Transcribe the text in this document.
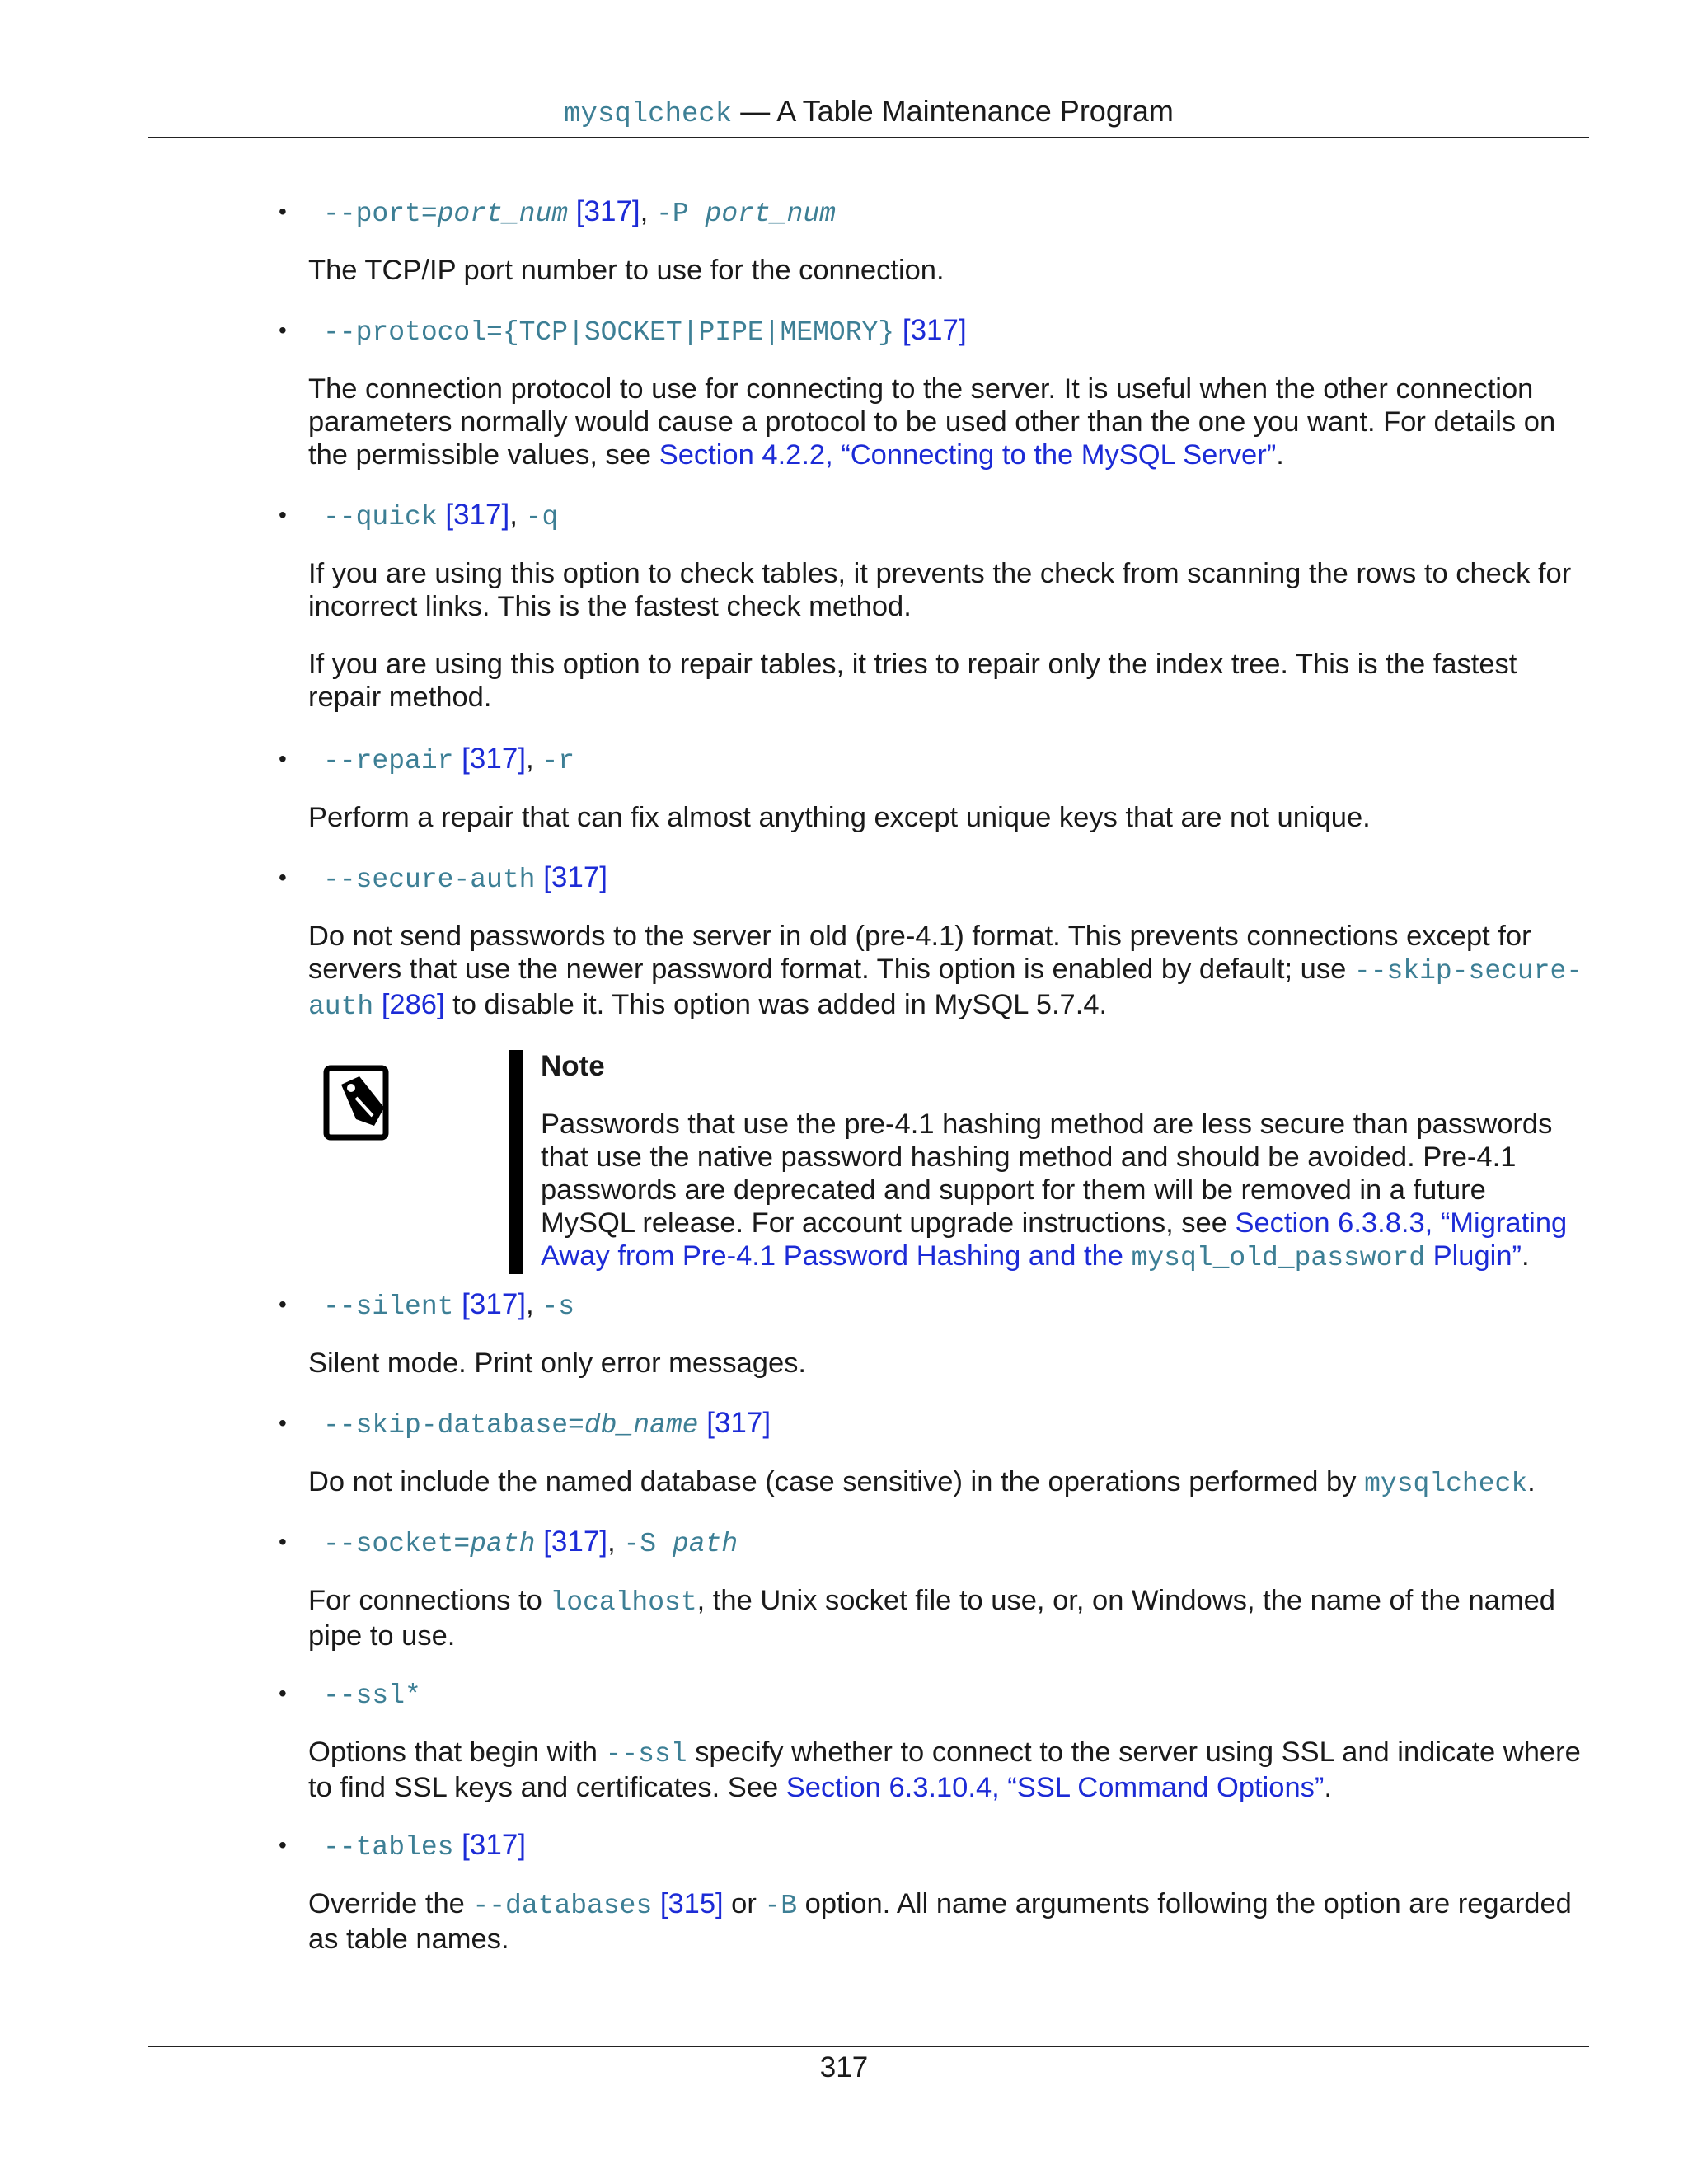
mysqlcheck — A Table Maintenance Program
• --port=port_num [317], -P port_num
The TCP/IP port number to use for the connection.
• --protocol={TCP|SOCKET|PIPE|MEMORY} [317]
The connection protocol to use for connecting to the server. It is useful when the other connection parameters normally would cause a protocol to be used other than the one you want. For details on the permissible values, see Section 4.2.2, “Connecting to the MySQL Server”.
• --quick [317], -q
If you are using this option to check tables, it prevents the check from scanning the rows to check for incorrect links. This is the fastest check method.
If you are using this option to repair tables, it tries to repair only the index tree. This is the fastest repair method.
• --repair [317], -r
Perform a repair that can fix almost anything except unique keys that are not unique.
• --secure-auth [317]
Do not send passwords to the server in old (pre-4.1) format. This prevents connections except for servers that use the newer password format. This option is enabled by default; use --skip-secure-auth [286] to disable it. This option was added in MySQL 5.7.4.
Note
Passwords that use the pre-4.1 hashing method are less secure than passwords that use the native password hashing method and should be avoided. Pre-4.1 passwords are deprecated and support for them will be removed in a future MySQL release. For account upgrade instructions, see Section 6.3.8.3, “Migrating Away from Pre-4.1 Password Hashing and the mysql_old_password Plugin”.
• --silent [317], -s
Silent mode. Print only error messages.
• --skip-database=db_name [317]
Do not include the named database (case sensitive) in the operations performed by mysqlcheck.
• --socket=path [317], -S path
For connections to localhost, the Unix socket file to use, or, on Windows, the name of the named pipe to use.
• --ssl*
Options that begin with --ssl specify whether to connect to the server using SSL and indicate where to find SSL keys and certificates. See Section 6.3.10.4, “SSL Command Options”.
• --tables [317]
Override the --databases [315] or -B option. All name arguments following the option are regarded as table names.
317
